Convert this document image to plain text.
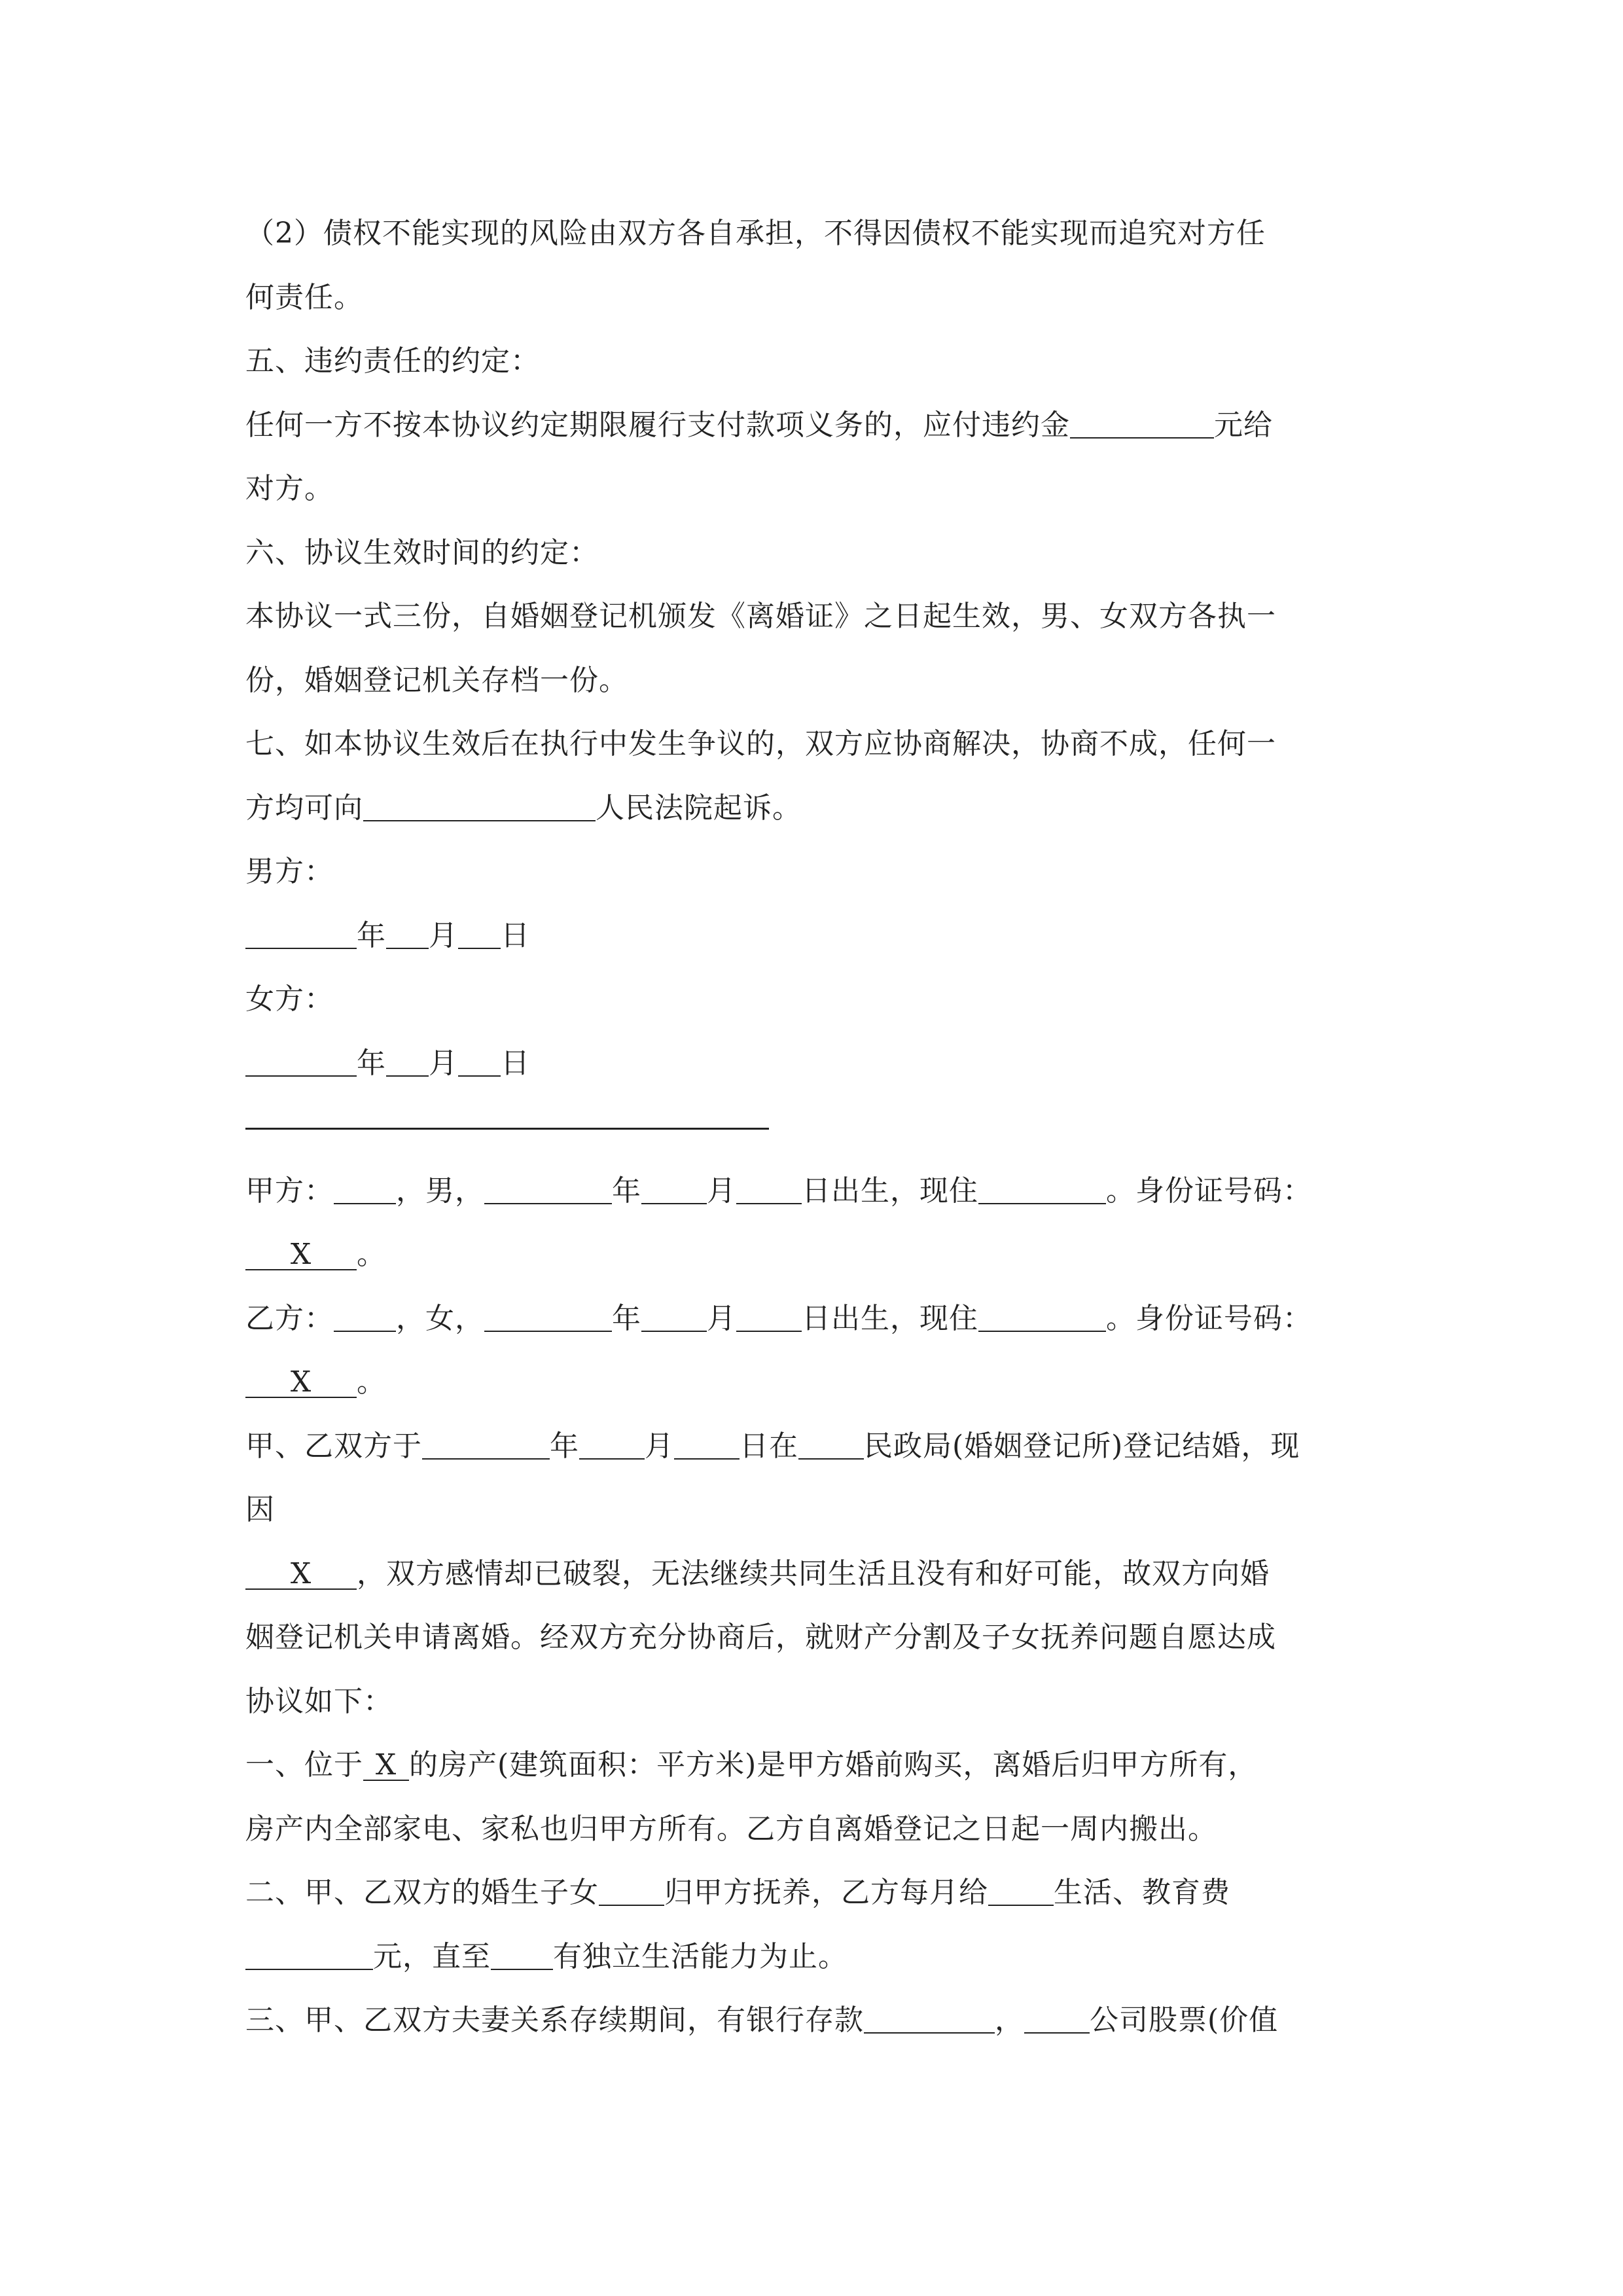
（2）债权不能实现的风险由双方各自承担，不得因债权不能实现而追究对方任
何责任。
五、违约责任的约定：
任何一方不按本协议约定期限履行支付款项义务的，应付违约金	元给
对方。
六、协议生效时间的约定：
本协议一式三份，自婚姻登记机颁发《离婚证》之日起生效，男、女双方各执一
份，婚姻登记机关存档一份。
七、如本协议生效后在执行中发生争议的，双方应协商解决，协商不成，任何一
方均可向	人民法院起诉。
男方：
年 月 日
女方：
年 月 日
甲方： ，男，	年 月 日出生，现住	。身份证号码：
X 。
乙方： ，女，	年 月 日出生，现住	。身份证号码：
X 。
甲、乙双方于	年 月 日在 民政局(婚姻登记所)登记结婚，现
因
X ，双方感情却已破裂，无法继续共同生活且没有和好可能，故双方向婚
姻登记机关申请离婚。经双方充分协商后，就财产分割及子女抚养问题自愿达成
协议如下：
一、位于 X 的房产(建筑面积：平方米)是甲方婚前购买，离婚后归甲方所有，
房产内全部家电、家私也归甲方所有。乙方自离婚登记之日起一周内搬出。
二、甲、乙双方的婚生子女 归甲方抚养，乙方每月给 生活、教育费
元，直至 有独立生活能力为止。
三、甲、乙双方夫妻关系存续期间，有银行存款	， 公司股票(价值
